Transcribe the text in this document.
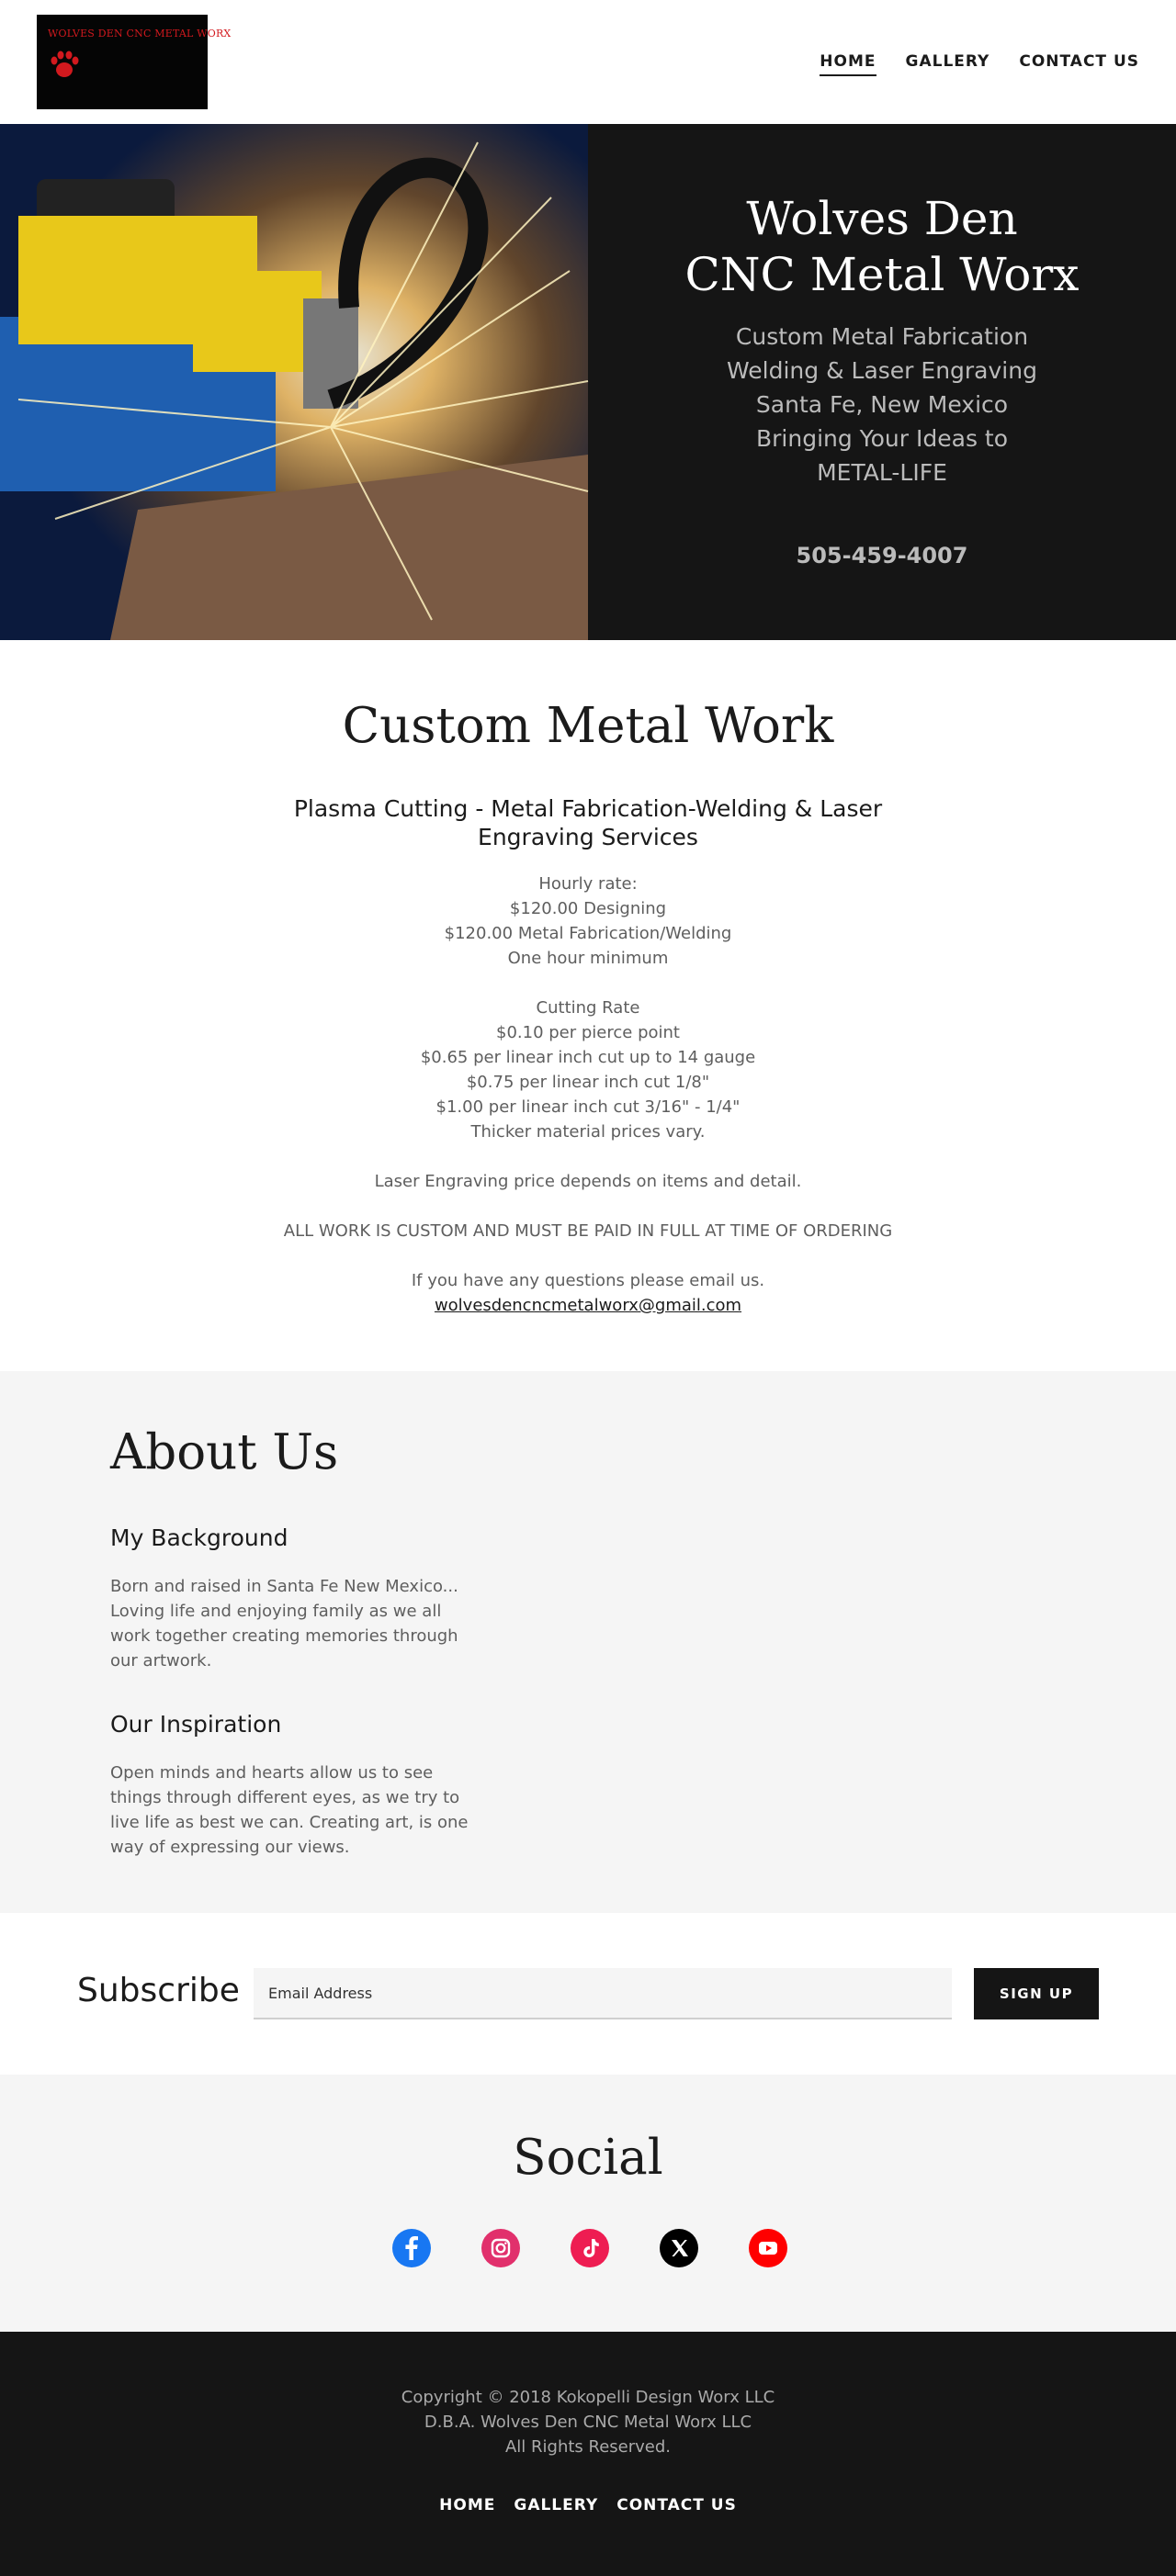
WOLVES DEN CNC METAL WORX
HOME GALLERY CONTACT US
Wolves Den
CNC Metal Worx
Custom Metal Fabrication
Welding & Laser Engraving
Santa Fe, New Mexico
Bringing Your Ideas to
METAL-LIFE
505-459-4007
Custom Metal Work
Plasma Cutting - Metal Fabrication-Welding & Laser Engraving Services
Hourly rate:
$120.00 Designing
$120.00 Metal Fabrication/Welding
One hour minimum
Cutting Rate
$0.10 per pierce point
$0.65 per linear inch cut up to 14 gauge
$0.75 per linear inch cut 1/8"
$1.00 per linear inch cut 3/16" - 1/4"
Thicker material prices vary.
Laser Engraving price depends on items and detail.
ALL WORK IS CUSTOM AND MUST BE PAID IN FULL AT TIME OF ORDERING
If you have any questions please email us.
wolvesdencncmetalworx@gmail.com
About Us
My Background

Born and raised in Santa Fe New Mexico... Loving life and enjoying family as we all work together creating memories through our artwork.

Our Inspiration

Open minds and hearts allow us to see things through different eyes, as we try to live life as best we can. Creating art, is one way of expressing our views.

Subscribe
Email Address	SIGN UP
Social
Copyright © 2018 Kokopelli Design Worx LLC
D.B.A. Wolves Den CNC Metal Worx LLC
All Rights Reserved.
HOME GALLERY CONTACT US
